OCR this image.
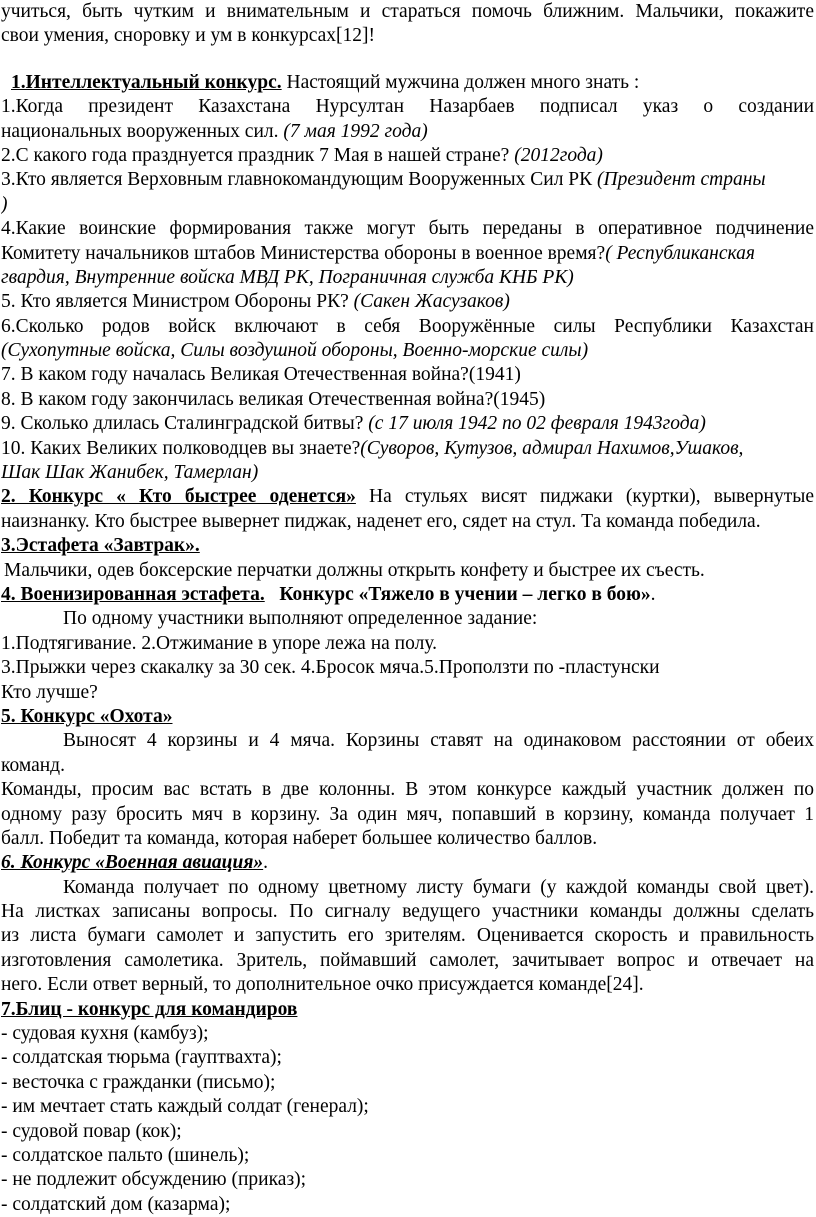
учиться, быть чутким и внимательным и стараться помочь ближним. Мальчики, покажите
свои умения, сноровку и ум в конкурсах[12]!
1.Интеллектуальный конкурс. Настоящий мужчина должен много знать :
1.Когда президент Казахстана Нурсултан Назарбаев подписал указ о создании
национальных вооруженных сил. (7 мая 1992 года)
2.С какого года празднуется праздник 7 Мая в нашей стране? (2012года)
3.Кто является Верховным главнокомандующим Вооруженных Сил РК (Президент страны
)
4.Какие воинские формирования также могут быть переданы в оперативное подчинение
Комитету начальников штабов Министерства обороны в военное время?( Республиканская
гвардия, Внутренние войска МВД РК, Пограничная служба КНБ РК)
5. Кто является Министром Обороны РК? (Сакен Жасузаков)
6.Сколько родов войск включают в себя Вооружённые силы Республики Казахстан
(Сухопутные войска, Силы воздушной обороны, Военно-морские силы)
7. В каком году началась Великая Отечественная война?(1941)
8. В каком году закончилась великая Отечественная война?(1945)
9. Сколько длилась Сталинградской битвы? (с 17 июля 1942 по 02 февраля 1943года)
10. Каких Великих полководцев вы знаете?(Суворов, Кутузов, адмирал Нахимов,Ушаков,
Шак Шак Жанибек, Тамерлан)
2. Конкурс « Кто быстрее оденется» На стульях висят пиджаки (куртки), вывернутые
наизнанку. Кто быстрее вывернет пиджак, наденет его, сядет на стул. Та команда победила.
3.Эстафета «Завтрак».
Мальчики, одев боксерские перчатки должны открыть конфету и быстрее их съесть.
4. Военизированная эстафета. Конкурс «Тяжело в учении – легко в бою».
По одному участники выполняют определенное задание:
1.Подтягивание. 2.Отжимание в упоре лежа на полу.
3.Прыжки через скакалку за 30 сек. 4.Бросок мяча.5.Проползти по -пластунски
Кто лучше?
5. Конкурс «Охота»
Выносят 4 корзины и 4 мяча. Корзины ставят на одинаковом расстоянии от обеих
команд.
Команды, просим вас встать в две колонны. В этом конкурсе каждый участник должен по
одному разу бросить мяч в корзину. За один мяч, попавший в корзину, команда получает 1
балл. Победит та команда, которая наберет большее количество баллов.
6. Конкурс «Военная авиация».
Команда получает по одному цветному листу бумаги (у каждой команды свой цвет).
На листках записаны вопросы. По сигналу ведущего участники команды должны сделать
из листа бумаги самолет и запустить его зрителям. Оценивается скорость и правильность
изготовления самолетика. Зритель, поймавший самолет, зачитывает вопрос и отвечает на
него. Если ответ верный, то дополнительное очко присуждается команде[24].
7.Блиц - конкурс для командиров
- судовая кухня (камбуз);
- солдатская тюрьма (гауптвахта);
- весточка с гражданки (письмо);
- им мечтает стать каждый солдат (генерал);
- судовой повар (кок);
- солдатское пальто (шинель);
- не подлежит обсуждению (приказ);
- солдатский дом (казарма);
